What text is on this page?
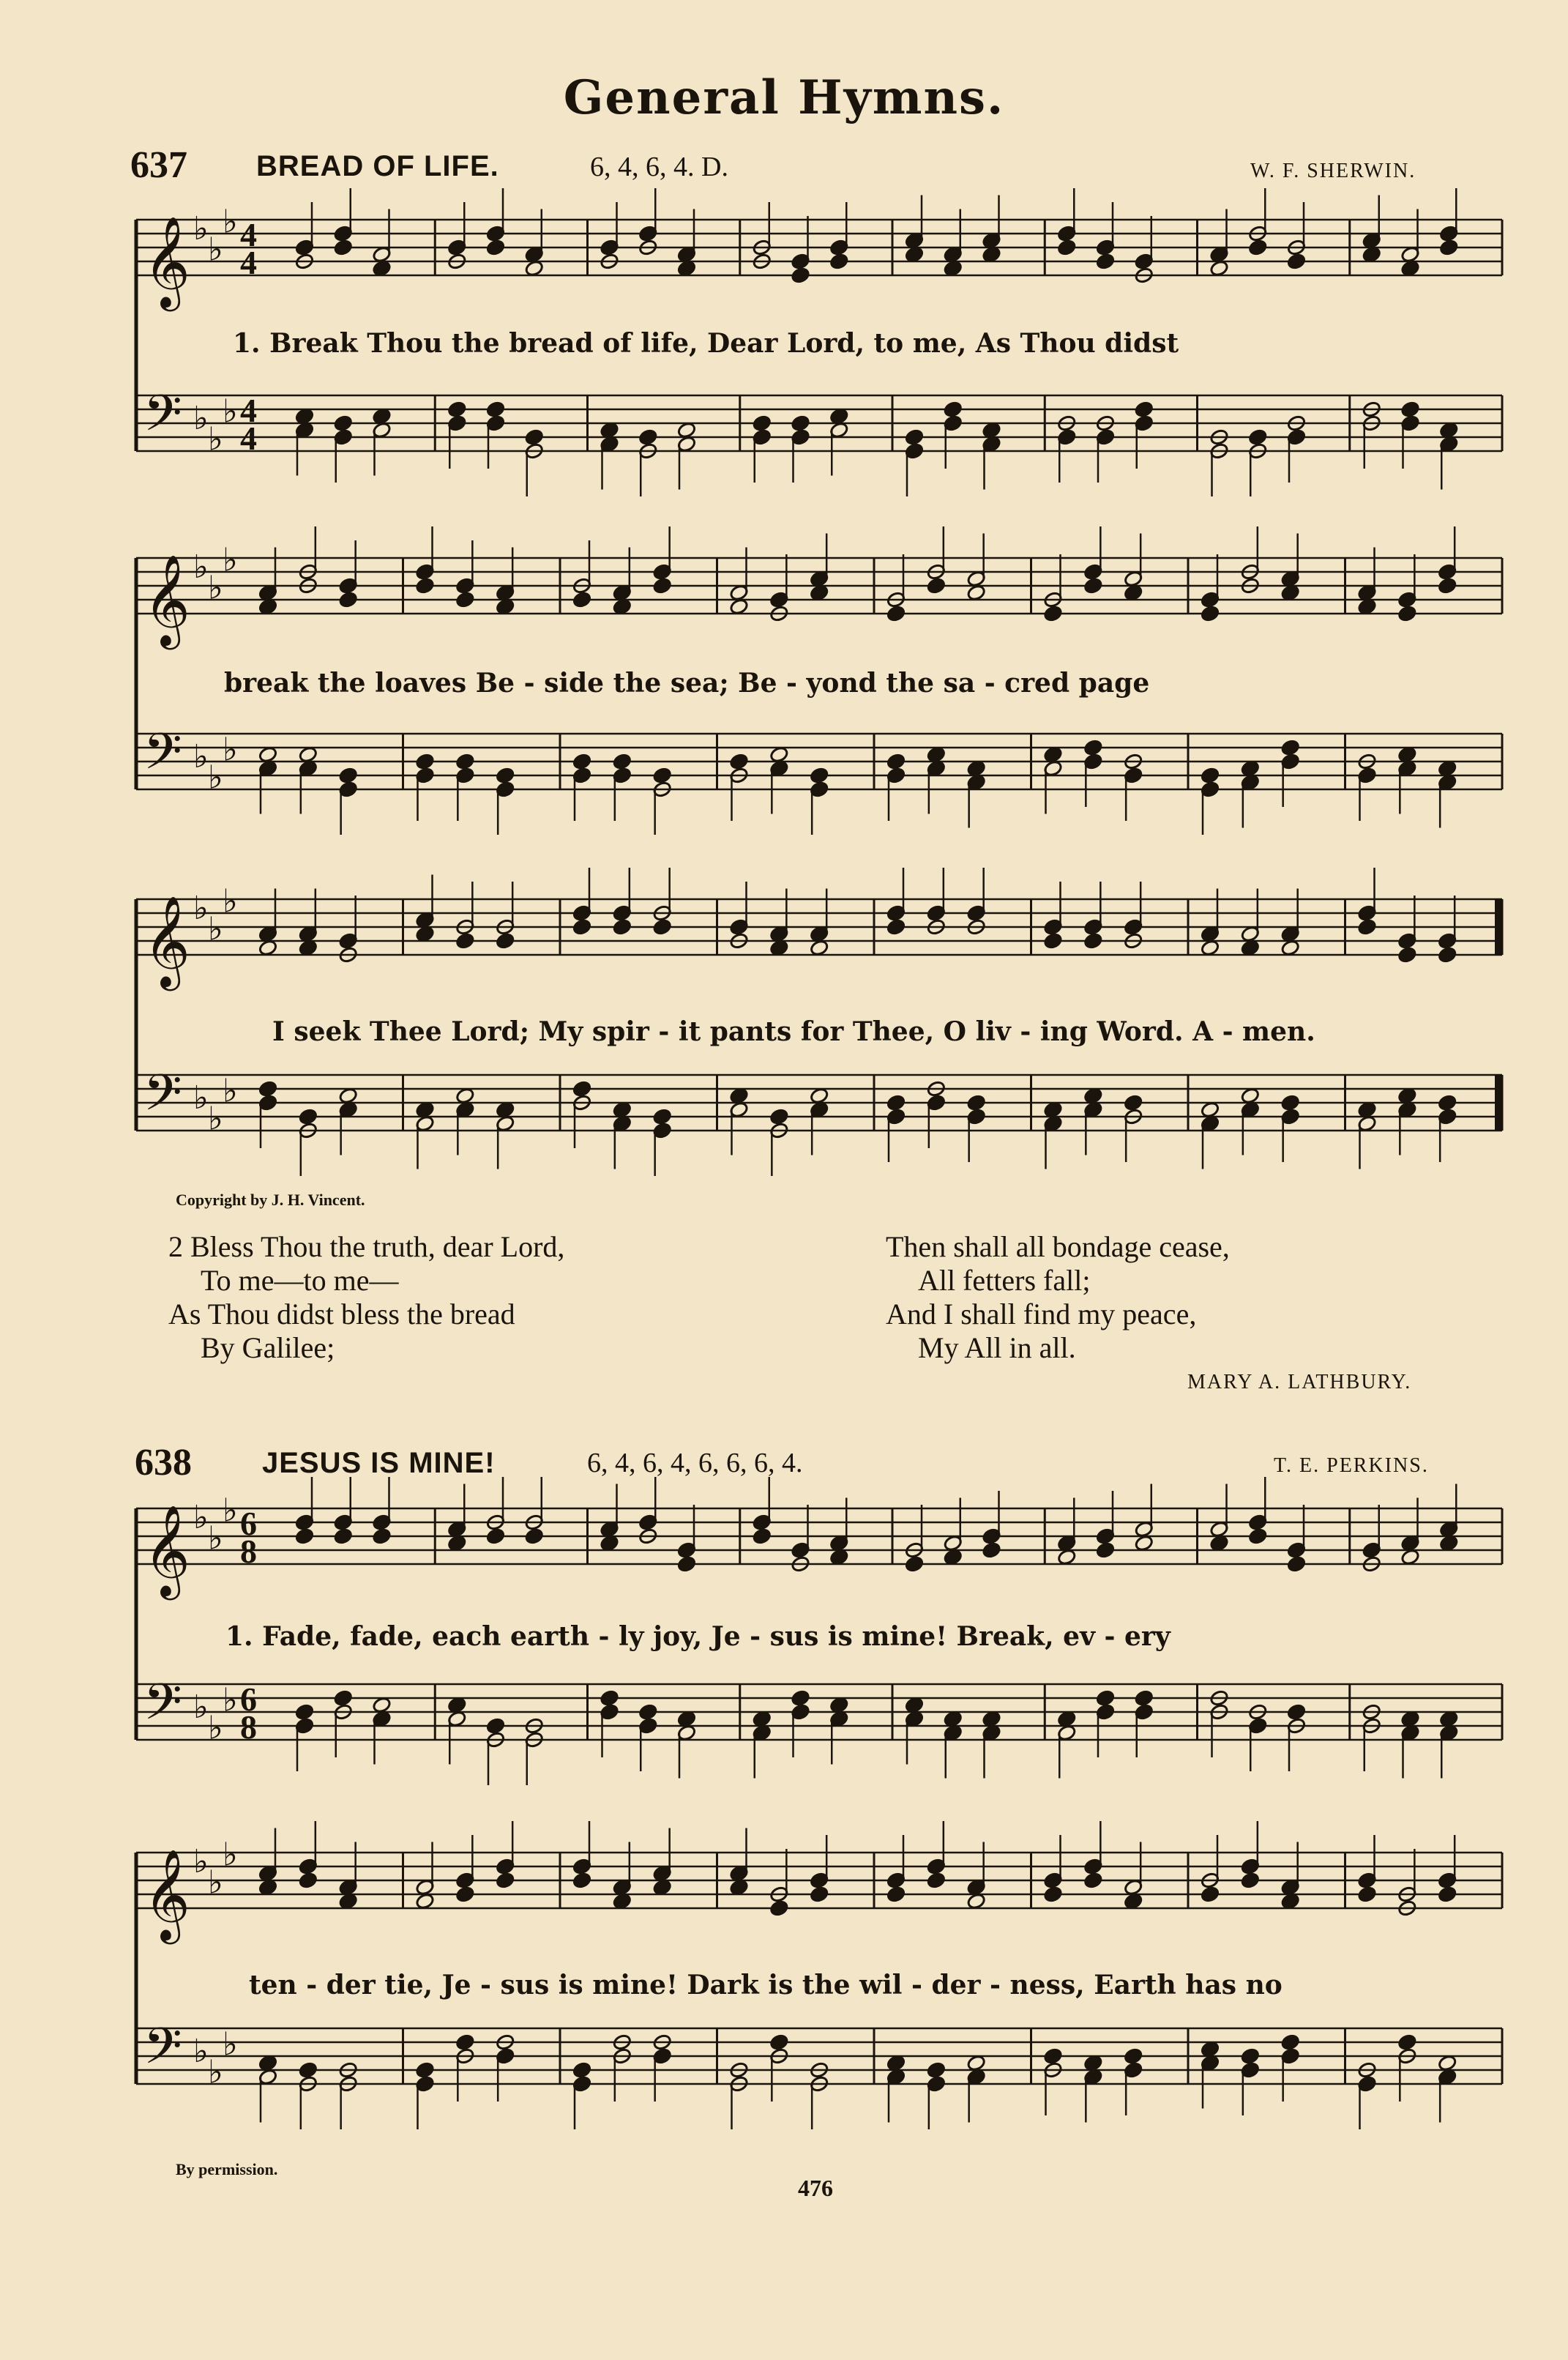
General Hymns.
637 BREAD OF LIFE.	6, 4, 6, 4. D.	W. F. SHERWIN.
𝄞 ♭
♭
♭ 4
4
𝄢 ♭
♭
♭ 4
4
1. Break Thou the bread of life, Dear Lord, to me, As Thou didst
𝄞 ♭
♭
♭
𝄢 ♭
♭
♭
break the loaves Be - side the sea; Be - yond the sa - cred page
𝄞 ♭
♭
♭
𝄢 ♭
♭
♭
I seek Thee Lord; My spir - it pants for Thee, O liv - ing Word. A - men.
Copyright by J. H. Vincent.
2 Bless Thou the truth, dear Lord,
To me—to me—
As Thou didst bless the bread
By Galilee;
Then shall all bondage cease,
All fetters fall;
And I shall find my peace,
My All in all.
MARY A. LATHBURY.
638 JESUS IS MINE!	6, 4, 6, 4, 6, 6, 6, 4.	T. E. PERKINS.
𝄞 ♭
♭
♭ 6
8
𝄢 ♭
♭
♭ 6
8
1. Fade, fade, each earth - ly joy, Je - sus is mine! Break, ev - ery
𝄞 ♭
♭
♭
𝄢 ♭
♭
♭
ten - der tie, Je - sus is mine! Dark is the wil - der - ness, Earth has no
By permission.
476
